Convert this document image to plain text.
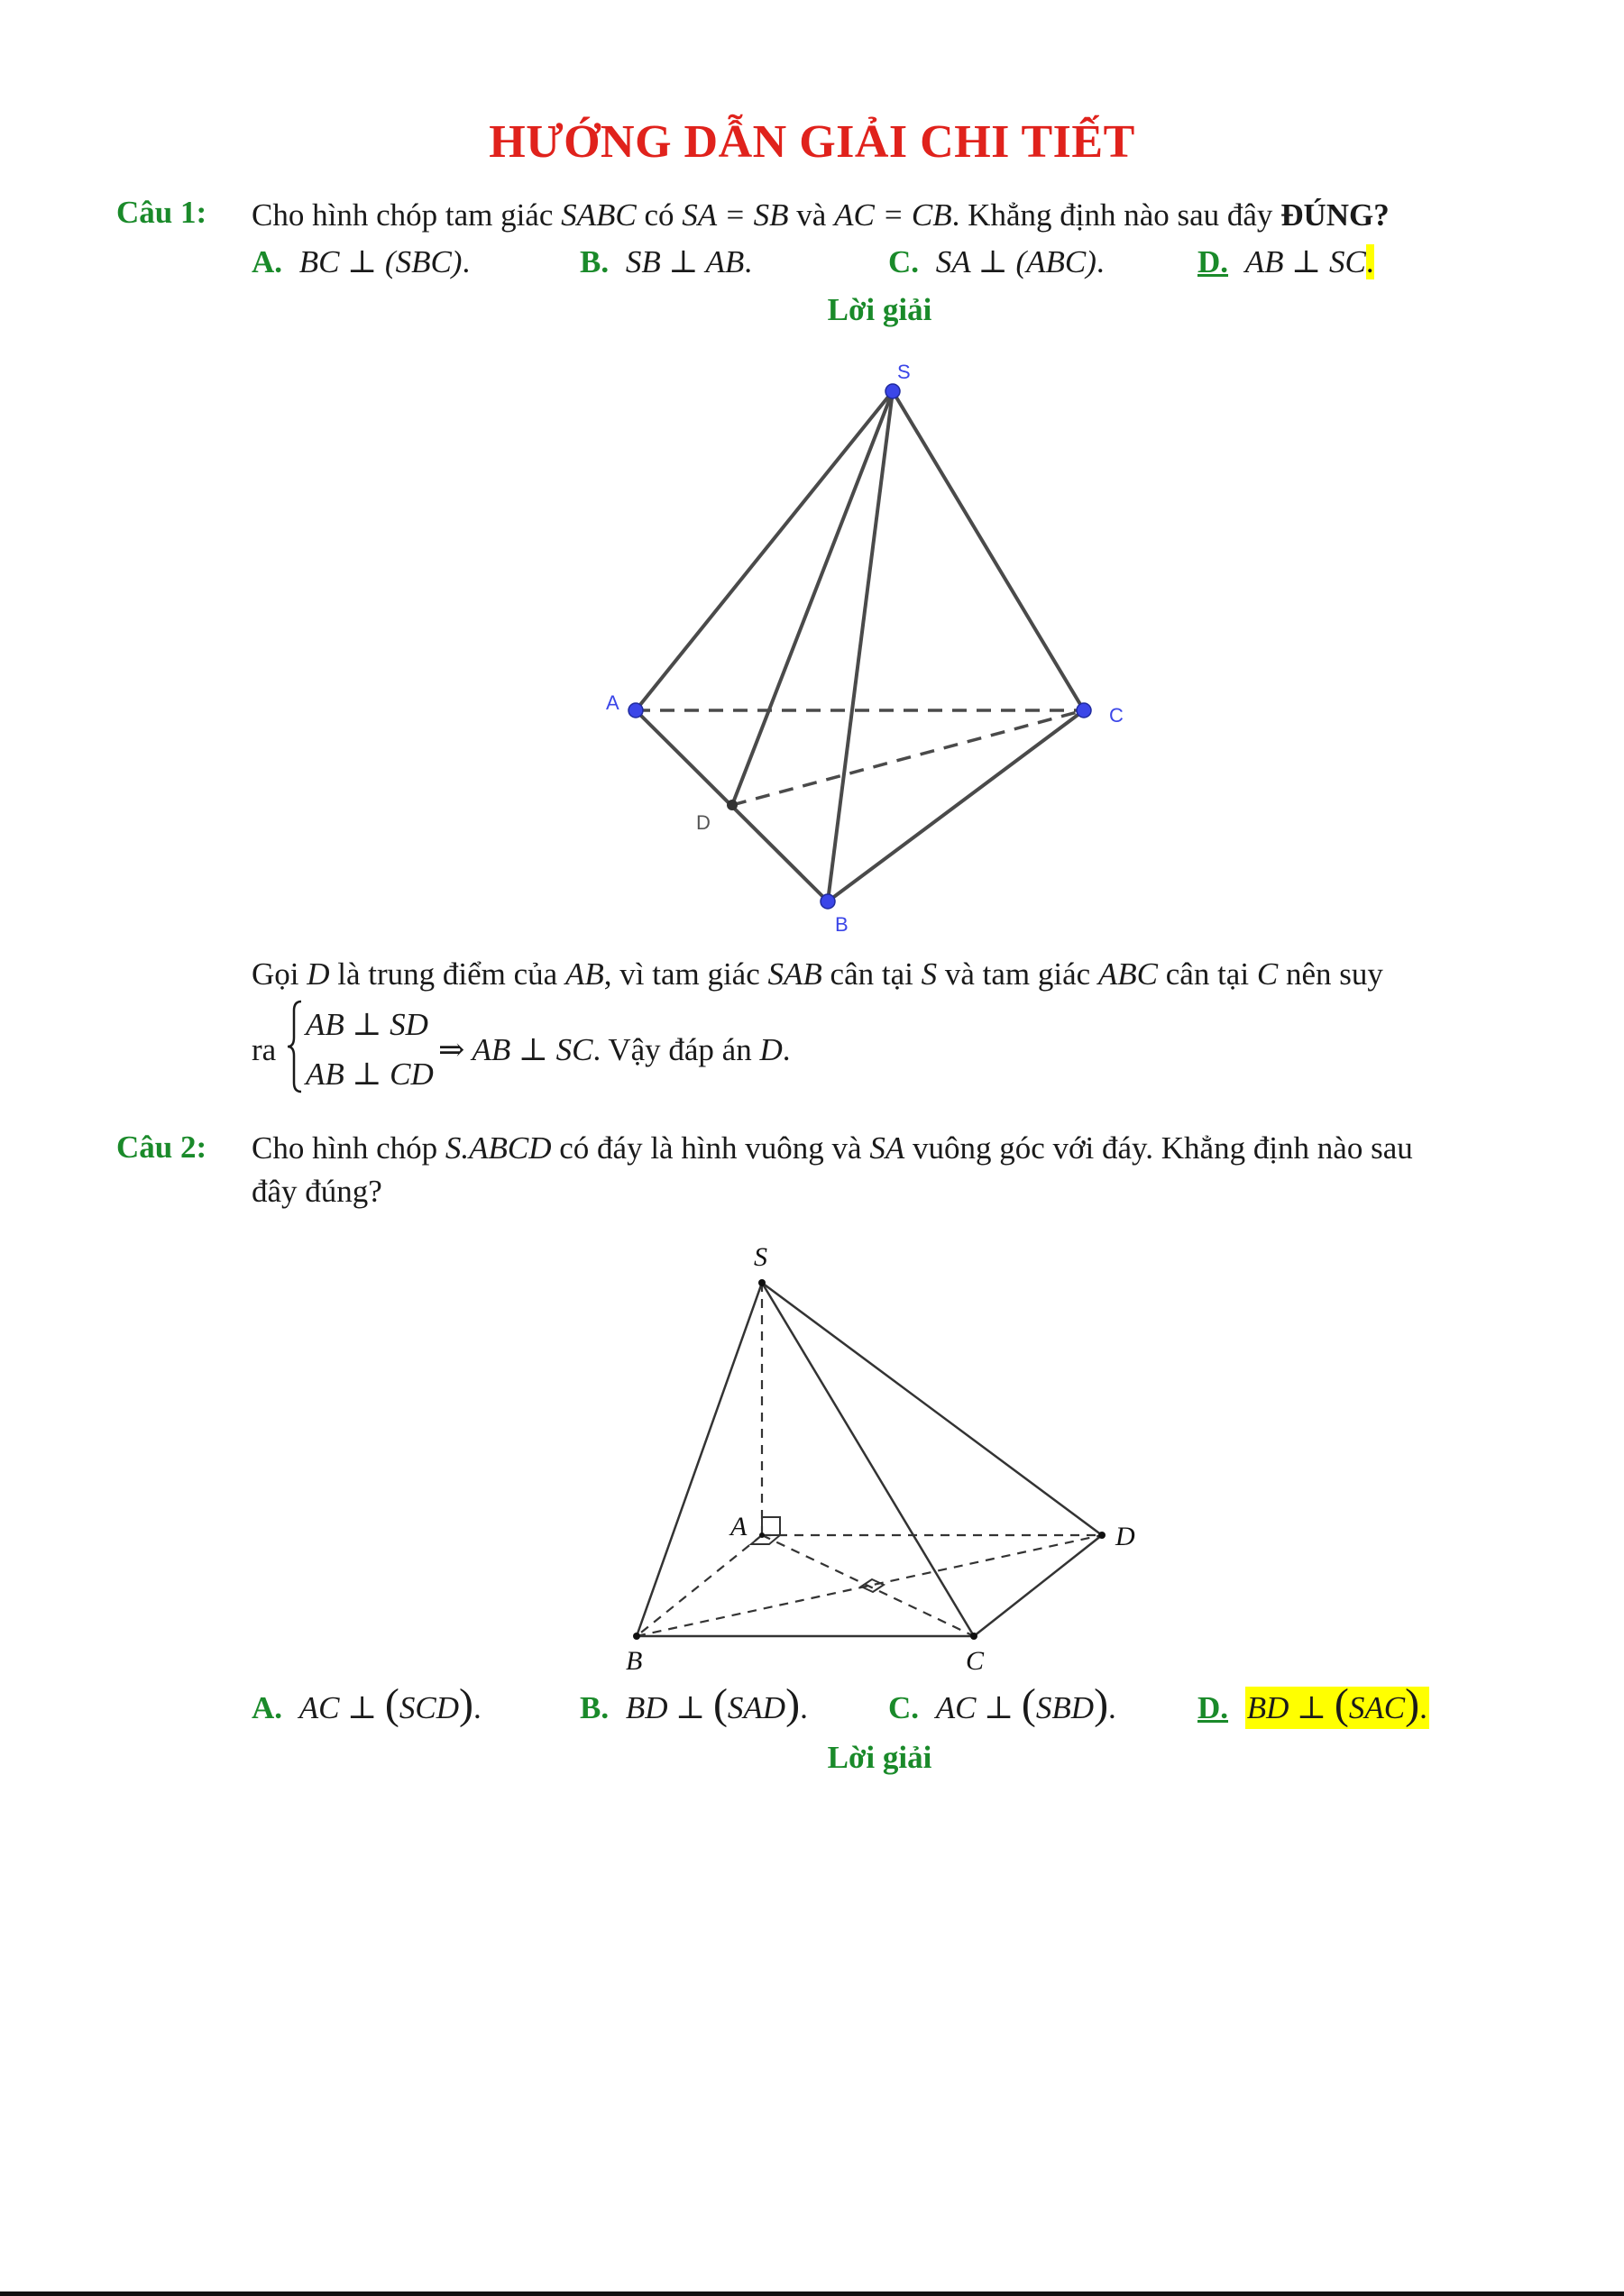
HƯỚNG DẪN GIẢI CHI TIẾT
Câu 1: Cho hình chóp tam giác SABC có SA = SB và AC = CB. Khẳng định nào sau đây ĐÚNG?
A. BC ⊥ (SBC).	B. SB ⊥ AB.	C. SA ⊥ (ABC).	D. AB ⊥ SC.
Lời giải
S
A
C
B
D
Gọi D là trung điểm của AB, vì tam giác SAB cân tại S và tam giác ABC cân tại C nên suy
ra
AB ⊥ SD
AB ⊥ CD
⇒ AB ⊥ SC. Vậy đáp án D.
Câu 2: Cho hình chóp S.ABCD có đáy là hình vuông và SA vuông góc với đáy. Khẳng định nào sau
đây đúng?
S
A	D
B	C
A. AC ⊥ (SCD).	B. BD ⊥ (SAD).	C. AC ⊥ (SBD).	D. BD ⊥ (SAC).
Lời giải
